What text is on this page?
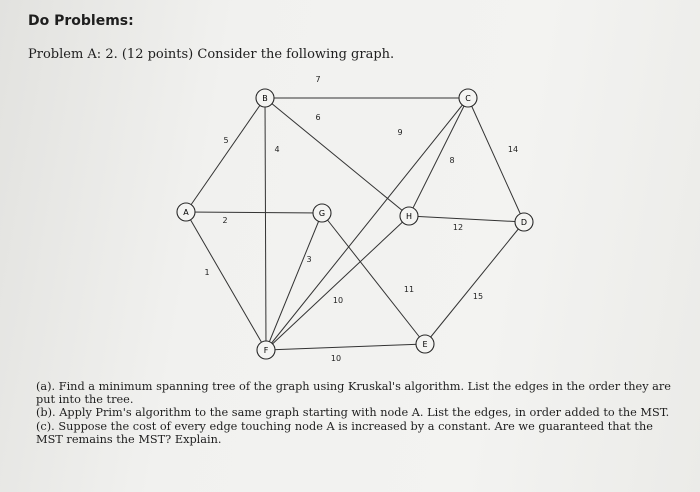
Do Problems:

Problem A: 2. (12 points) Consider the following graph.

7
6
5
4
9
8
14
2
12
1
3
10
11
15
10
A
B	C
D
E
F
G	H

(a). Find a minimum spanning tree of the graph using Kruskal's algorithm. List the edges in the order they are put into the tree.

(b). Apply Prim's algorithm to the same graph starting with node A. List the edges, in order added to the MST.

(c). Suppose the cost of every edge touching node A is increased by a constant. Are we guaranteed that the MST remains the MST? Explain.
